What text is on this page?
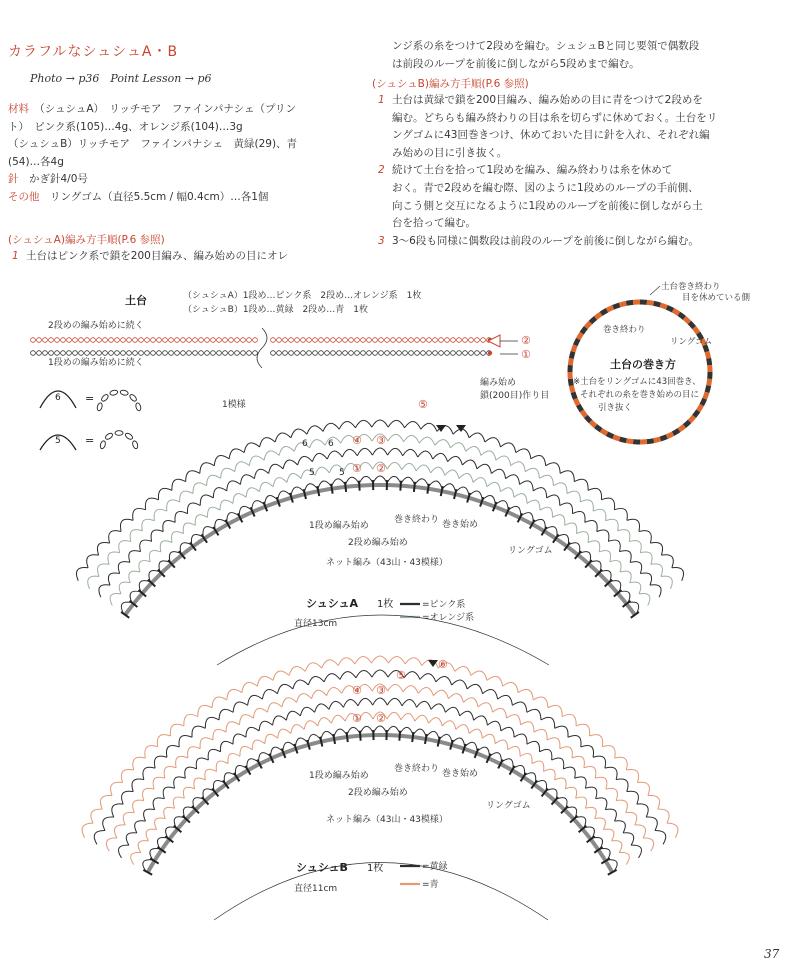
カラフルなシュシュA・B
Photo → p36　Point Lesson → p6
材料　 （シュシュA）　リッチモア　ファインパナシェ（プリン
ト）　ピンク系(105)…4g、オレンジ系(104)…3g
（シュシュB）リッチモア　ファインパナシェ　黄緑(29)、青
(54)…各4g
針　 かぎ針4/0号
その他　 リングゴム（直径5.5cm / 幅0.4cm）…各1個
(シュシュA)編み方手順(P.6 参照)
1 土台はピンク系で鎖を200目編み、編み始めの目にオレ
ンジ系の糸をつけて2段めを編む。シュシュBと同じ要領で偶数段
は前段のループを前後に倒しながら5段めまで編む。
(シュシュB)編み方手順(P.6 参照)
1 土台は黄緑で鎖を200目編み、編み始めの目に青をつけて2段めを
編む。どちらも編み終わりの目は糸を切らずに休めておく。土台をリ
ングゴムに43回巻きつけ、休めておいた目に針を入れ、それぞれ編
み始めの目に引き抜く。
2 続けて土台を拾って1段めを編み、編み終わりは糸を休めて
おく。青で2段めを編む際、図のように1段めのループの手前側、
向こう側と交互になるように1段めのループを前後に倒しながら土
台を拾って編む。
3 3～6段も同様に偶数段は前段のループを前後に倒しながら編む。
土台	（シュシュA）1段め…ピンク系　2段め…オレンジ系　1枚
（シュシュB）1段め…黄緑　2段め…青　1枚
2段めの編み始めに続く
1段めの編み始めに続く
②
①
編み始め
鎖(200目)作り目
6 =
5 =
土台巻き終わり
目を休めている側
巻き終わり
リングゴム
土台の巻き方
※土台をリングゴムに43回巻き、
それぞれの糸を巻き始めの目に
引き抜く
1模様
6 6
5	5
④ ③
① ②
⑤
1段め編み始め
巻き終わり 巻き始め
2段め編み始め
リングゴム
ネット編み（43山・43模様）
シュシュA 1枚
直径13cm
=ピンク系
=オレンジ系
④ ③
① ②
⑤
⑥
1段め編み始め
巻き終わり 巻き始め
2段め編み始め
リングゴム
ネット編み（43山・43模様）
シュシュB 1枚
直径11cm
=黄緑
=青
37
